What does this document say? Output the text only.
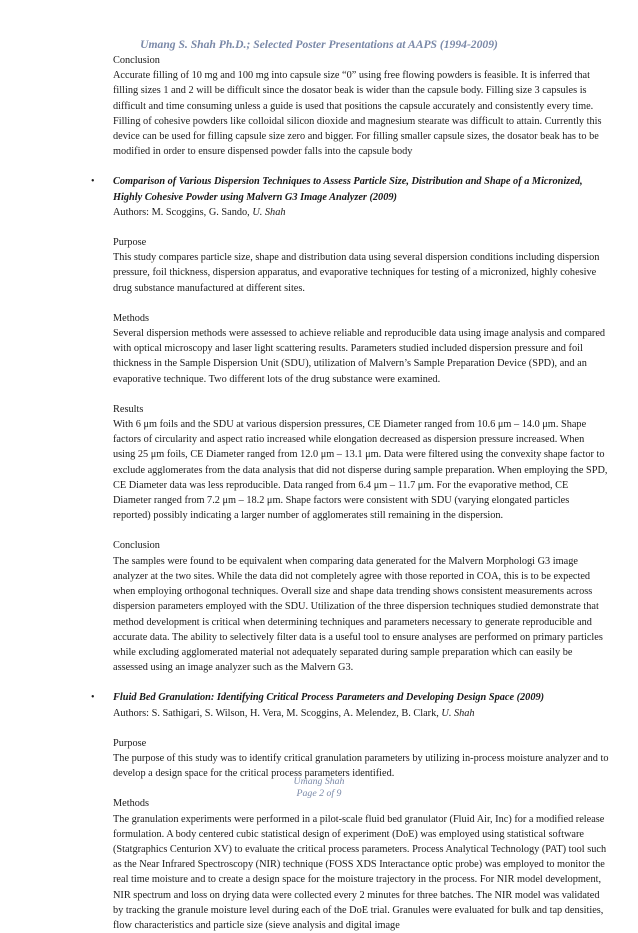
Umang S. Shah Ph.D.; Selected Poster Presentations at AAPS (1994-2009)

Conclusion

Accurate filling of 10 mg and 100 mg into capsule size “0” using free flowing powders is feasible. It is inferred that filling sizes 1 and 2 will be difficult since the dosator beak is wider than the capsule body. Filling size 3 capsules is difficult and time consuming unless a guide is used that positions the capsule accurately and consistently every time. Filling of cohesive powders like colloidal silicon dioxide and magnesium stearate was difficult to attain. Currently this device can be used for filling capsule size zero and bigger. For filling smaller capsule sizes, the dosator beak has to be modified in order to ensure dispensed powder falls into the capsule body

• Comparison of Various Dispersion Techniques to Assess Particle Size, Distribution and Shape of a Micronized, Highly Cohesive Powder using Malvern G3 Image Analyzer (2009)

Authors: M. Scoggins, G. Sando, U. Shah

Purpose

This study compares particle size, shape and distribution data using several dispersion conditions including dispersion pressure, foil thickness, dispersion apparatus, and evaporative techniques for testing of a micronized, highly cohesive drug substance manufactured at different sites.

Methods

Several dispersion methods were assessed to achieve reliable and reproducible data using image analysis and compared with optical microscopy and laser light scattering results. Parameters studied included dispersion pressure and foil thickness in the Sample Dispersion Unit (SDU), utilization of Malvern’s Sample Preparation Device (SPD), and an evaporative technique. Two different lots of the drug substance were examined.

Results

With 6 μm foils and the SDU at various dispersion pressures, CE Diameter ranged from 10.6 μm – 14.0 μm. Shape factors of circularity and aspect ratio increased while elongation decreased as dispersion pressure increased. When using 25 μm foils, CE Diameter ranged from 12.0 μm – 13.1 μm. Data were filtered using the convexity shape factor to exclude agglomerates from the data analysis that did not disperse during sample preparation. When employing the SPD, CE Diameter data was less reproducible. Data ranged from 6.4 μm – 11.7 μm. For the evaporative method, CE Diameter ranged from 7.2 μm – 18.2 μm. Shape factors were consistent with SDU (varying elongated particles reported) possibly indicating a larger number of agglomerates still remaining in the dispersion.

Conclusion

The samples were found to be equivalent when comparing data generated for the Malvern Morphologi G3 image analyzer at the two sites. While the data did not completely agree with those reported in COA, this is to be expected when employing orthogonal techniques. Overall size and shape data trending shows consistent measurements across dispersion parameters employed with the SDU. Utilization of the three dispersion techniques studied demonstrate that method development is critical when determining techniques and parameters necessary to generate reproducible and accurate data. The ability to selectively filter data is a useful tool to ensure analyses are performed on primary particles while excluding agglomerated material not adequately separated during sample preparation which can easily be assessed using an image analyzer such as the Malvern G3.

• Fluid Bed Granulation: Identifying Critical Process Parameters and Developing Design Space (2009)

Authors: S. Sathigari, S. Wilson, H. Vera, M. Scoggins, A. Melendez, B. Clark, U. Shah

Purpose

The purpose of this study was to identify critical granulation parameters by utilizing in-process moisture analyzer and to develop a design space for the critical process parameters identified.

Methods

The granulation experiments were performed in a pilot-scale fluid bed granulator (Fluid Air, Inc) for a modified release formulation. A body centered cubic statistical design of experiment (DoE) was employed using statistical software (Statgraphics Centurion XV) to evaluate the critical process parameters. Process Analytical Technology (PAT) tool such as the Near Infrared Spectroscopy (NIR) technique (FOSS XDS Interactance optic probe) was employed to monitor the real time moisture and to create a design space for the moisture trajectory in the process. For NIR model development, NIR spectrum and loss on drying data were collected every 2 minutes for three batches. The NIR model was validated by tracking the granule moisture level during each of the DoE trial. Granules were evaluated for bulk and tap densities, flow characteristics and particle size (sieve analysis and digital image

Umang Shah
Page 2 of 9
